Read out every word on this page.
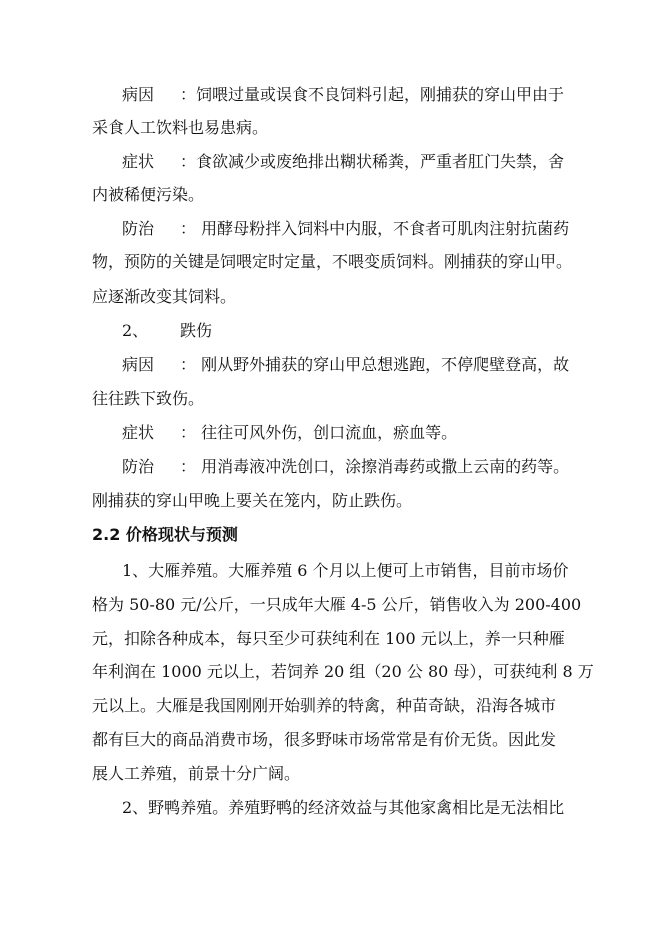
病因 ：饲喂过量或误食不良饲料引起，刚捕获的穿山甲由于
采食人工饮料也易患病。
症状 ：食欲减少或废绝排出糊状稀粪，严重者肛门失禁，舍
内被稀便污染。
防治 ： 用酵母粉拌入饲料中内服，不食者可肌肉注射抗菌药
物，预防的关键是饲喂定时定量，不喂变质饲料。刚捕获的穿山甲。
应逐渐改变其饲料。
2、 跌伤
病因 ： 刚从野外捕获的穿山甲总想逃跑，不停爬壁登高，故
往往跌下致伤。
症状 ： 往往可风外伤，创口流血，瘀血等。
防治 ： 用消毒液冲洗创口，涂擦消毒药或撒上云南的药等。
刚捕获的穿山甲晚上要关在笼内，防止跌伤。
2.2 价格现状与预测
1、大雁养殖。大雁养殖 6 个月以上便可上市销售，目前市场价
格为 50-80 元/公斤，一只成年大雁 4-5 公斤，销售收入为 200-400
元，扣除各种成本，每只至少可获纯利在 100 元以上，养一只种雁
年利润在 1000 元以上，若饲养 20 组（20 公 80 母），可获纯利 8 万
元以上。大雁是我国刚刚开始驯养的特禽，种苗奇缺，沿海各城市
都有巨大的商品消费市场，很多野味市场常常是有价无货。因此发
展人工养殖，前景十分广阔。
2、野鸭养殖。养殖野鸭的经济效益与其他家禽相比是无法相比
